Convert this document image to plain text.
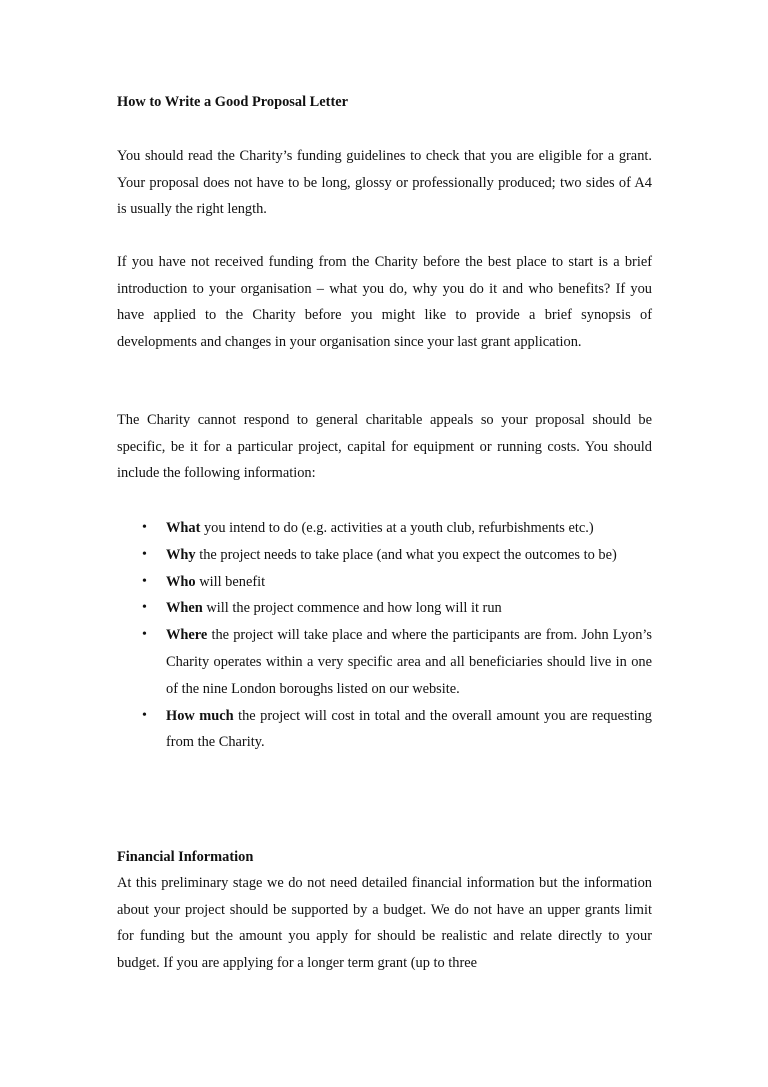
How to Write a Good Proposal Letter

You should read the Charity’s funding guidelines to check that you are eligible for a grant. Your proposal does not have to be long, glossy or professionally produced; two sides of A4 is usually the right length.

If you have not received funding from the Charity before the best place to start is a brief introduction to your organisation – what you do, why you do it and who benefits? If you have applied to the Charity before you might like to provide a brief synopsis of developments and changes in your organisation since your last grant application.

The Charity cannot respond to general charitable appeals so your proposal should be specific, be it for a particular project, capital for equipment or running costs. You should include the following information:

• What you intend to do (e.g. activities at a youth club, refurbishments etc.)
• Why the project needs to take place (and what you expect the outcomes to be)
• Who will benefit
• When will the project commence and how long will it run
• Where the project will take place and where the participants are from. John Lyon’s Charity operates within a very specific area and all beneficiaries should live in one of the nine London boroughs listed on our website.
• How much the project will cost in total and the overall amount you are requesting from the Charity.
Financial Information

At this preliminary stage we do not need detailed financial information but the information about your project should be supported by a budget. We do not have an upper grants limit for funding but the amount you apply for should be realistic and relate directly to your budget. If you are applying for a longer term grant (up to three
